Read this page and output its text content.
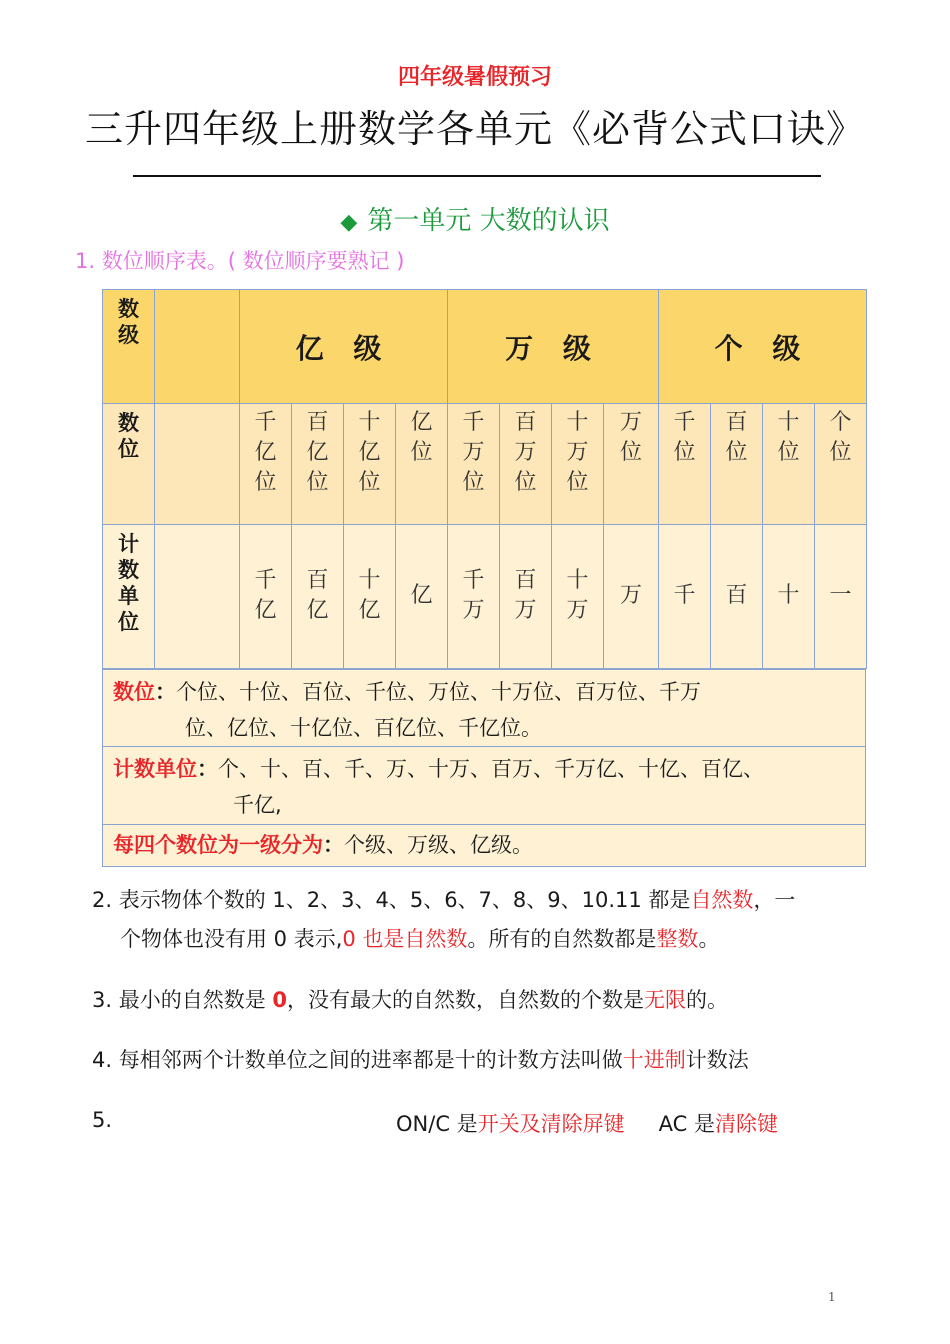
四年级暑假预习
三升四年级上册数学各单元《必背公式口诀》
◆ 第一单元 大数的认识
1. 数位顺序表。( 数位顺序要熟记 )
数级		亿 级				万 级				个 级			
数位		千亿位	百亿位	十亿位	亿位	千万位	百万位	十万位	万位	千位	百位	十位	个位
计数单位		千亿	百亿	十亿	亿	千万	百万	十万	万	千	百	十	一
数位：个位、十位、百位、千位、万位、十万位、百万位、千万
位、亿位、十亿位、百亿位、千亿位。
计数单位：个、十、百、千、万、十万、百万、千万亿、十亿、百亿、
千亿,
每四个数位为一级分为：个级、万级、亿级。
2. 表示物体个数的 1、2、3、4、5、6、7、8、9、10.11 都是自然数，一
个物体也没有用 0 表示,0 也是自然数。所有的自然数都是整数。
3. 最小的自然数是 0，没有最大的自然数，自然数的个数是无限的。
4. 每相邻两个计数单位之间的进率都是十的计数方法叫做十进制计数法
5.	ON/C 是开关及清除屏键 AC 是清除键
1
